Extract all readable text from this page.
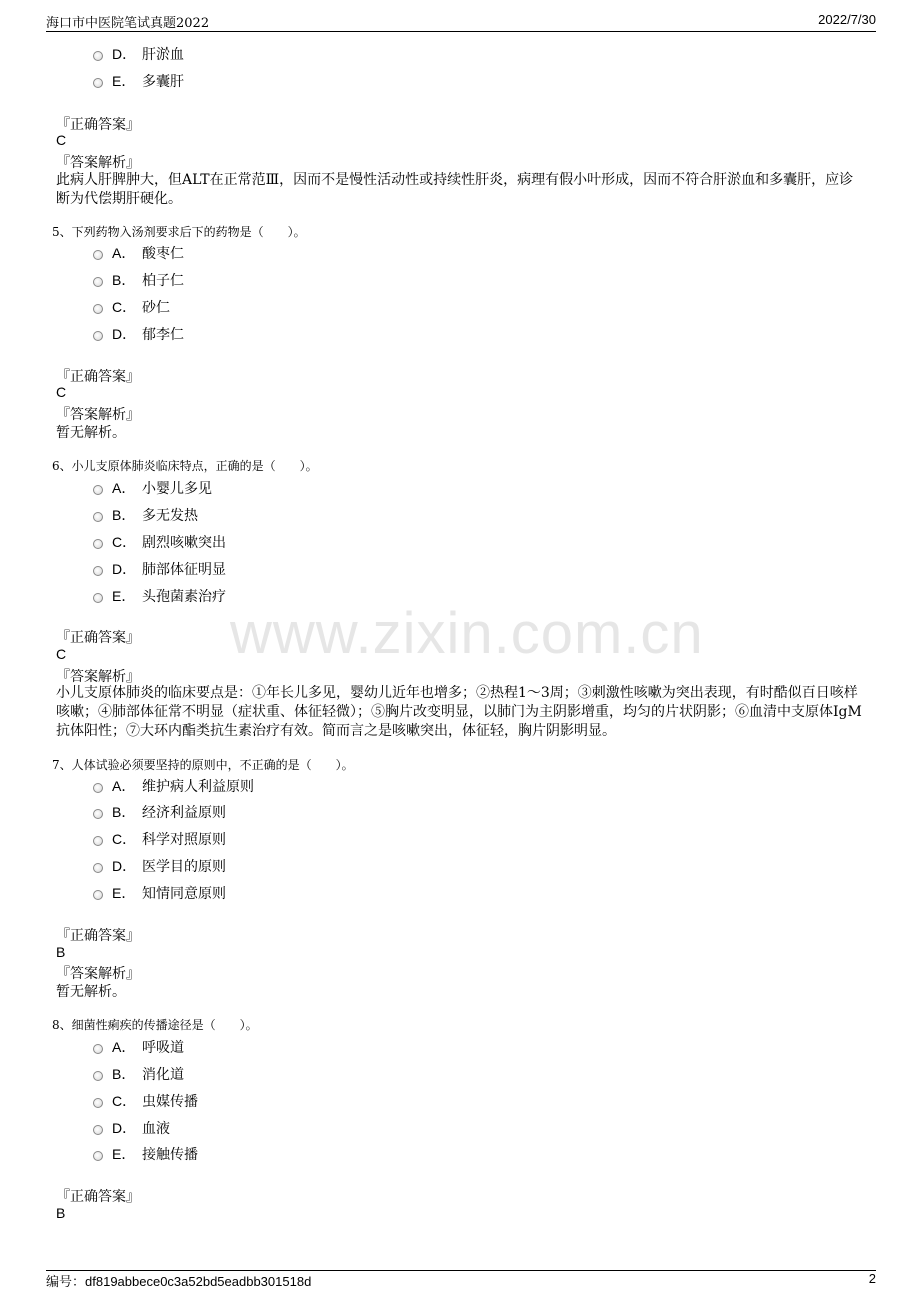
海口市中医院笔试真题2022	2022/7/30
www.zixin.com.cn
D． 肝淤血
E． 多囊肝
『正确答案』
C
『答案解析』
此病人肝脾肿大，但ALT在正常范Ⅲ，因而不是慢性活动性或持续性肝炎，病理有假小叶形成，因而不符合肝淤血和多囊肝，应诊断为代偿期肝硬化。
5、下列药物入汤剂要求后下的药物是（　　）。
A． 酸枣仁
B． 柏子仁
C． 砂仁
D． 郁李仁
『正确答案』
C
『答案解析』
暂无解析。
6、小儿支原体肺炎临床特点，正确的是（　　）。
A． 小婴儿多见
B． 多无发热
C． 剧烈咳嗽突出
D． 肺部体征明显
E． 头孢菌素治疗
『正确答案』
C
『答案解析』
小儿支原体肺炎的临床要点是：①年长儿多见，婴幼儿近年也增多；②热程1～3周；③刺激性咳嗽为突出表现，有时酷似百日咳样咳嗽；④肺部体征常不明显（症状重、体征轻微）；⑤胸片改变明显，以肺门为主阴影增重，均匀的片状阴影；⑥血清中支原体IgM抗体阳性；⑦大环内酯类抗生素治疗有效。简而言之是咳嗽突出，体征轻，胸片阴影明显。
7、人体试验必须要坚持的原则中，不正确的是（　　）。
A． 维护病人利益原则
B． 经济利益原则
C． 科学对照原则
D． 医学目的原则
E． 知情同意原则
『正确答案』
B
『答案解析』
暂无解析。
8、细菌性痢疾的传播途径是（　　）。
A． 呼吸道
B． 消化道
C． 虫媒传播
D． 血液
E． 接触传播
『正确答案』
B
编号：df819abbece0c3a52bd5eadbb301518d	2
